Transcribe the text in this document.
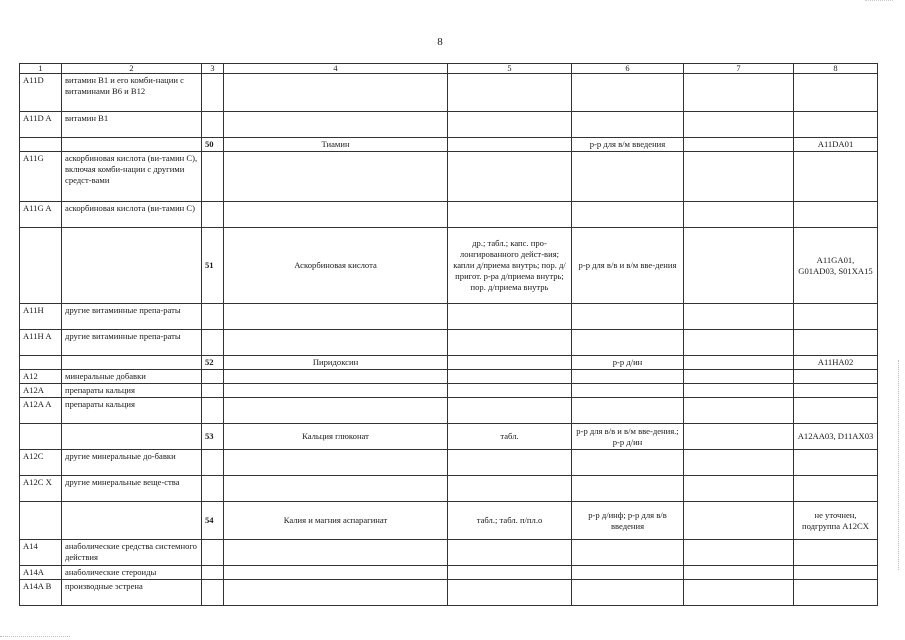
8
1	2	3	4	5	6	7	8
A11D	витамин B1 и его комби-нации с витаминами B6 и B12						
A11D A	витамин B1						
		50	Тиамин		р-р для в/м введения		A11DA01
A11G	аскорбиновая кислота (ви-тамин С), включая комби-нации с другими средст-вами						
A11G A	аскорбиновая кислота (ви-тамин С)						
		51	Аскорбиновая кислота	др.; табл.; капс. про-лонгированного дейст-вия; капли д/приема внутрь; пор. д/пригот. р-ра д/приема внутрь; пор. д/приема внутрь	р-р для в/в и в/м вве-дения		A11GA01, G01AD03, S01XA15
A11H	другие витаминные препа-раты						
A11H A	другие витаминные препа-раты						
		52	Пиридоксин		р-р д/ин		A11HA02
A12	минеральные добавки						
A12A	препараты кальция						
A12A A	препараты кальция						
		53	Кальция глюконат	табл.	р-р для в/в и в/м вве-дения.; р-р д/ин		A12AA03, D11AX03
A12C	другие минеральные до-бавки						
A12C X	другие минеральные веще-ства						
		54	Калия и магния аспарагинат	табл.; табл. п/пл.о	р-р д/инф; р-р для в/в введения		не уточнен, подгруппа A12CX
A14	анаболические средства системного действия						
A14A	анаболические стероиды						
A14A B	производные эстрена						
